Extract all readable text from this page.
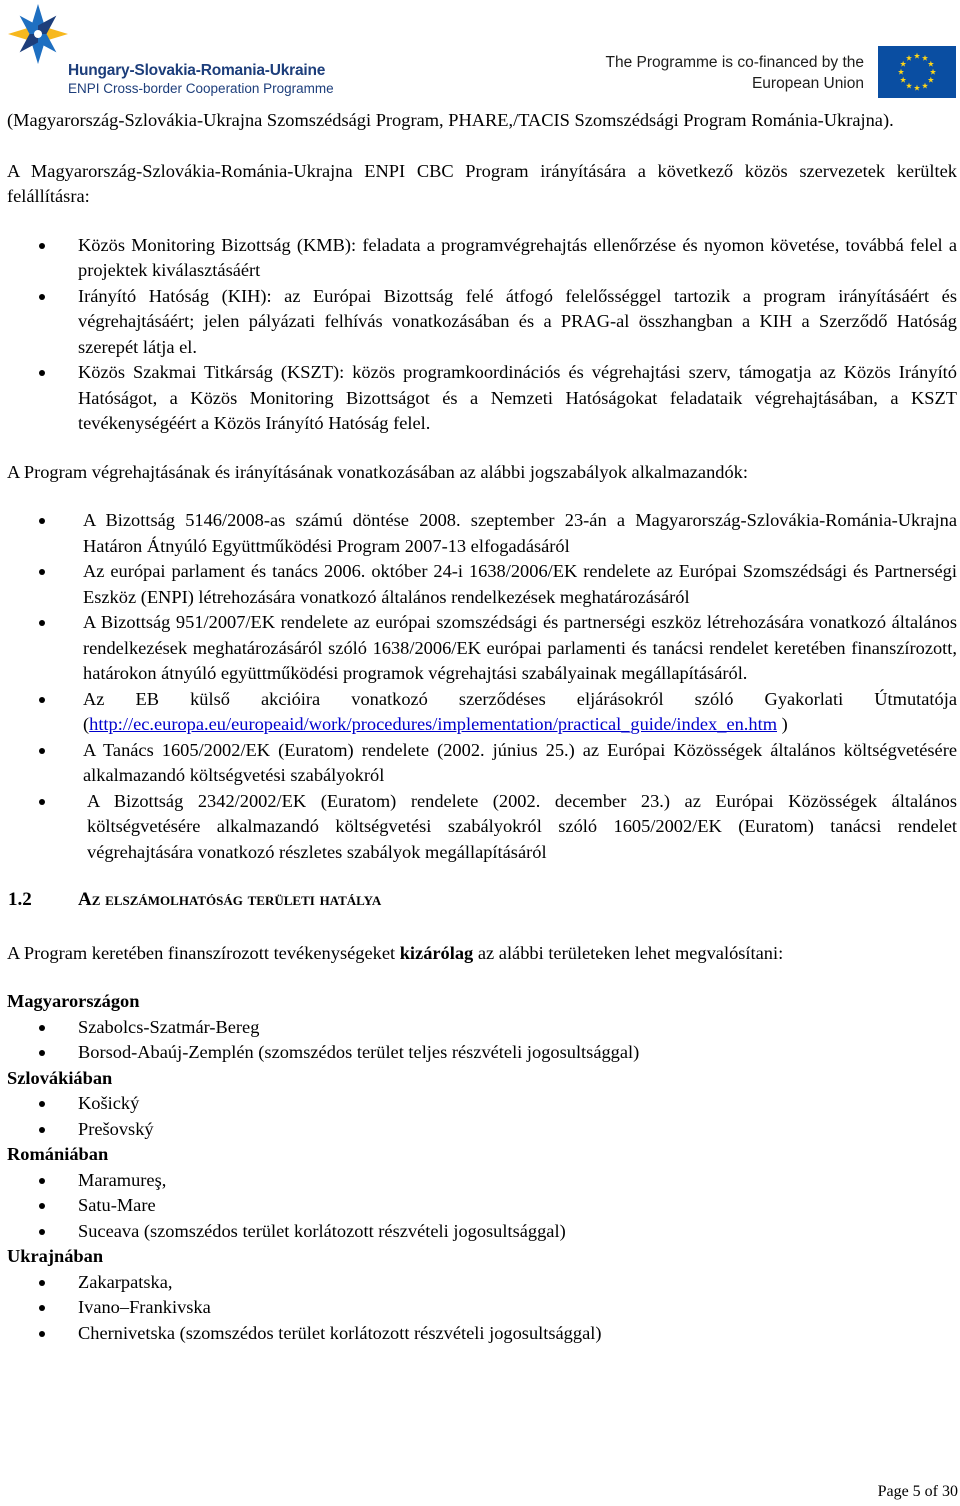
Hungary-Slovakia-Romania-Ukraine
ENPI Cross-border Cooperation Programme
The Programme is co-financed by the
European Union

(Magyarország-Szlovákia-Ukrajna Szomszédsági Program, PHARE,/TACIS Szomszédsági Program Románia-Ukrajna).

A Magyarország-Szlovákia-Románia-Ukrajna ENPI CBC Program irányítására a következő közös szervezetek kerültek felállításra:

Közös Monitoring Bizottság (KMB): feladata a programvégrehajtás ellenőrzése és nyomon követése, továbbá felel a projektek kiválasztásáért
Irányító Hatóság (KIH): az Európai Bizottság felé átfogó felelősséggel tartozik a program irányításáért és végrehajtásáért; jelen pályázati felhívás vonatkozásában és a PRAG-al összhangban a KIH a Szerződő Hatóság szerepét látja el.
Közös Szakmai Titkárság (KSZT): közös programkoordinációs és végrehajtási szerv, támogatja az Közös Irányító Hatóságot, a Közös Monitoring Bizottságot és a Nemzeti Hatóságokat feladataik végrehajtásában, a KSZT tevékenységéért a Közös Irányító Hatóság felel.

A Program végrehajtásának és irányításának vonatkozásában az alábbi jogszabályok alkalmazandók:

A Bizottság 5146/2008-as számú döntése 2008. szeptember 23-án a Magyarország-Szlovákia-Románia-Ukrajna Határon Átnyúló Együttműködési Program 2007-13 elfogadásáról
Az európai parlament és tanács 2006. október 24-i 1638/2006/EK rendelete az Európai Szomszédsági és Partnerségi Eszköz (ENPI) létrehozására vonatkozó általános rendelkezések meghatározásáról
A Bizottság 951/2007/EK rendelete az európai szomszédsági és partnerségi eszköz létrehozására vonatkozó általános rendelkezések meghatározásáról szóló 1638/2006/EK európai parlamenti és tanácsi rendelet keretében finanszírozott, határokon átnyúló együttműködési programok végrehajtási szabályainak megállapításáról.
Az EB külső akcióira vonatkozó szerződéses eljárásokról szóló Gyakorlati Útmutatója (http://ec.europa.eu/europeaid/work/procedures/implementation/practical_guide/index_en.htm )
A Tanács 1605/2002/EK (Euratom) rendelete (2002. június 25.) az Európai Közösségek általános költségvetésére alkalmazandó költségvetési szabályokról
A Bizottság 2342/2002/EK (Euratom) rendelete (2002. december 23.) az Európai Közösségek általános költségvetésére alkalmazandó költségvetési szabályokról szóló 1605/2002/EK (Euratom) tanácsi rendelet végrehajtására vonatkozó részletes szabályok megállapításáról
1.2	Az elszámolhatóság területi hatálya

A Program keretében finanszírozott tevékenységeket kizárólag az alábbi területeken lehet megvalósítani:

Magyarországon
Szabolcs-Szatmár-Bereg
Borsod-Abaúj-Zemplén (szomszédos terület teljes részvételi jogosultsággal)
Szlovákiában
Košický
Prešovský
Romániában
Maramureş,
Satu-Mare
Suceava (szomszédos terület korlátozott részvételi jogosultsággal)
Ukrajnában
Zakarpatska,
Ivano–Frankivska
Chernivetska (szomszédos terület korlátozott részvételi jogosultsággal)
Page 5 of 30
